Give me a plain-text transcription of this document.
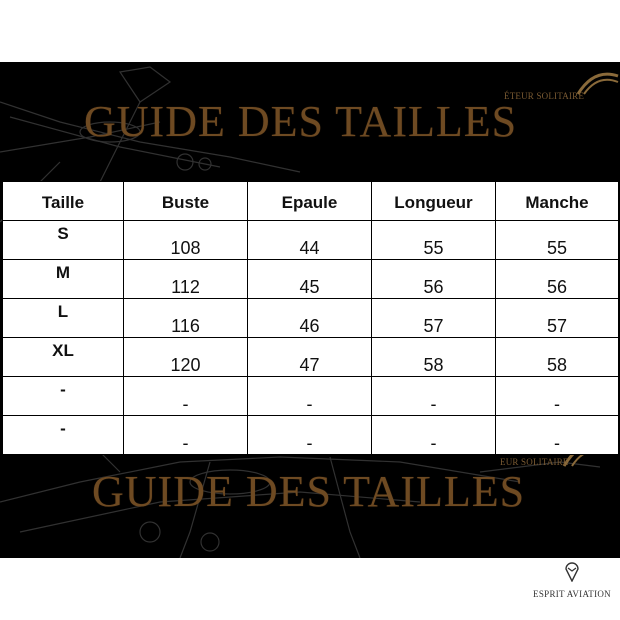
ÉTEUR SOLITAIRE
GUIDE DES TAILLES
EUR SOLITAIRE
GUIDE DES TAILLES
Taille	Buste	Epaule	Longueur	Manche
S	108	44	55	55
M	112	45	56	56
L	116	46	57	57
XL	120	47	58	58
-	-	-	-	-
-	-	-	-	-
ESPRIT AVIATION
